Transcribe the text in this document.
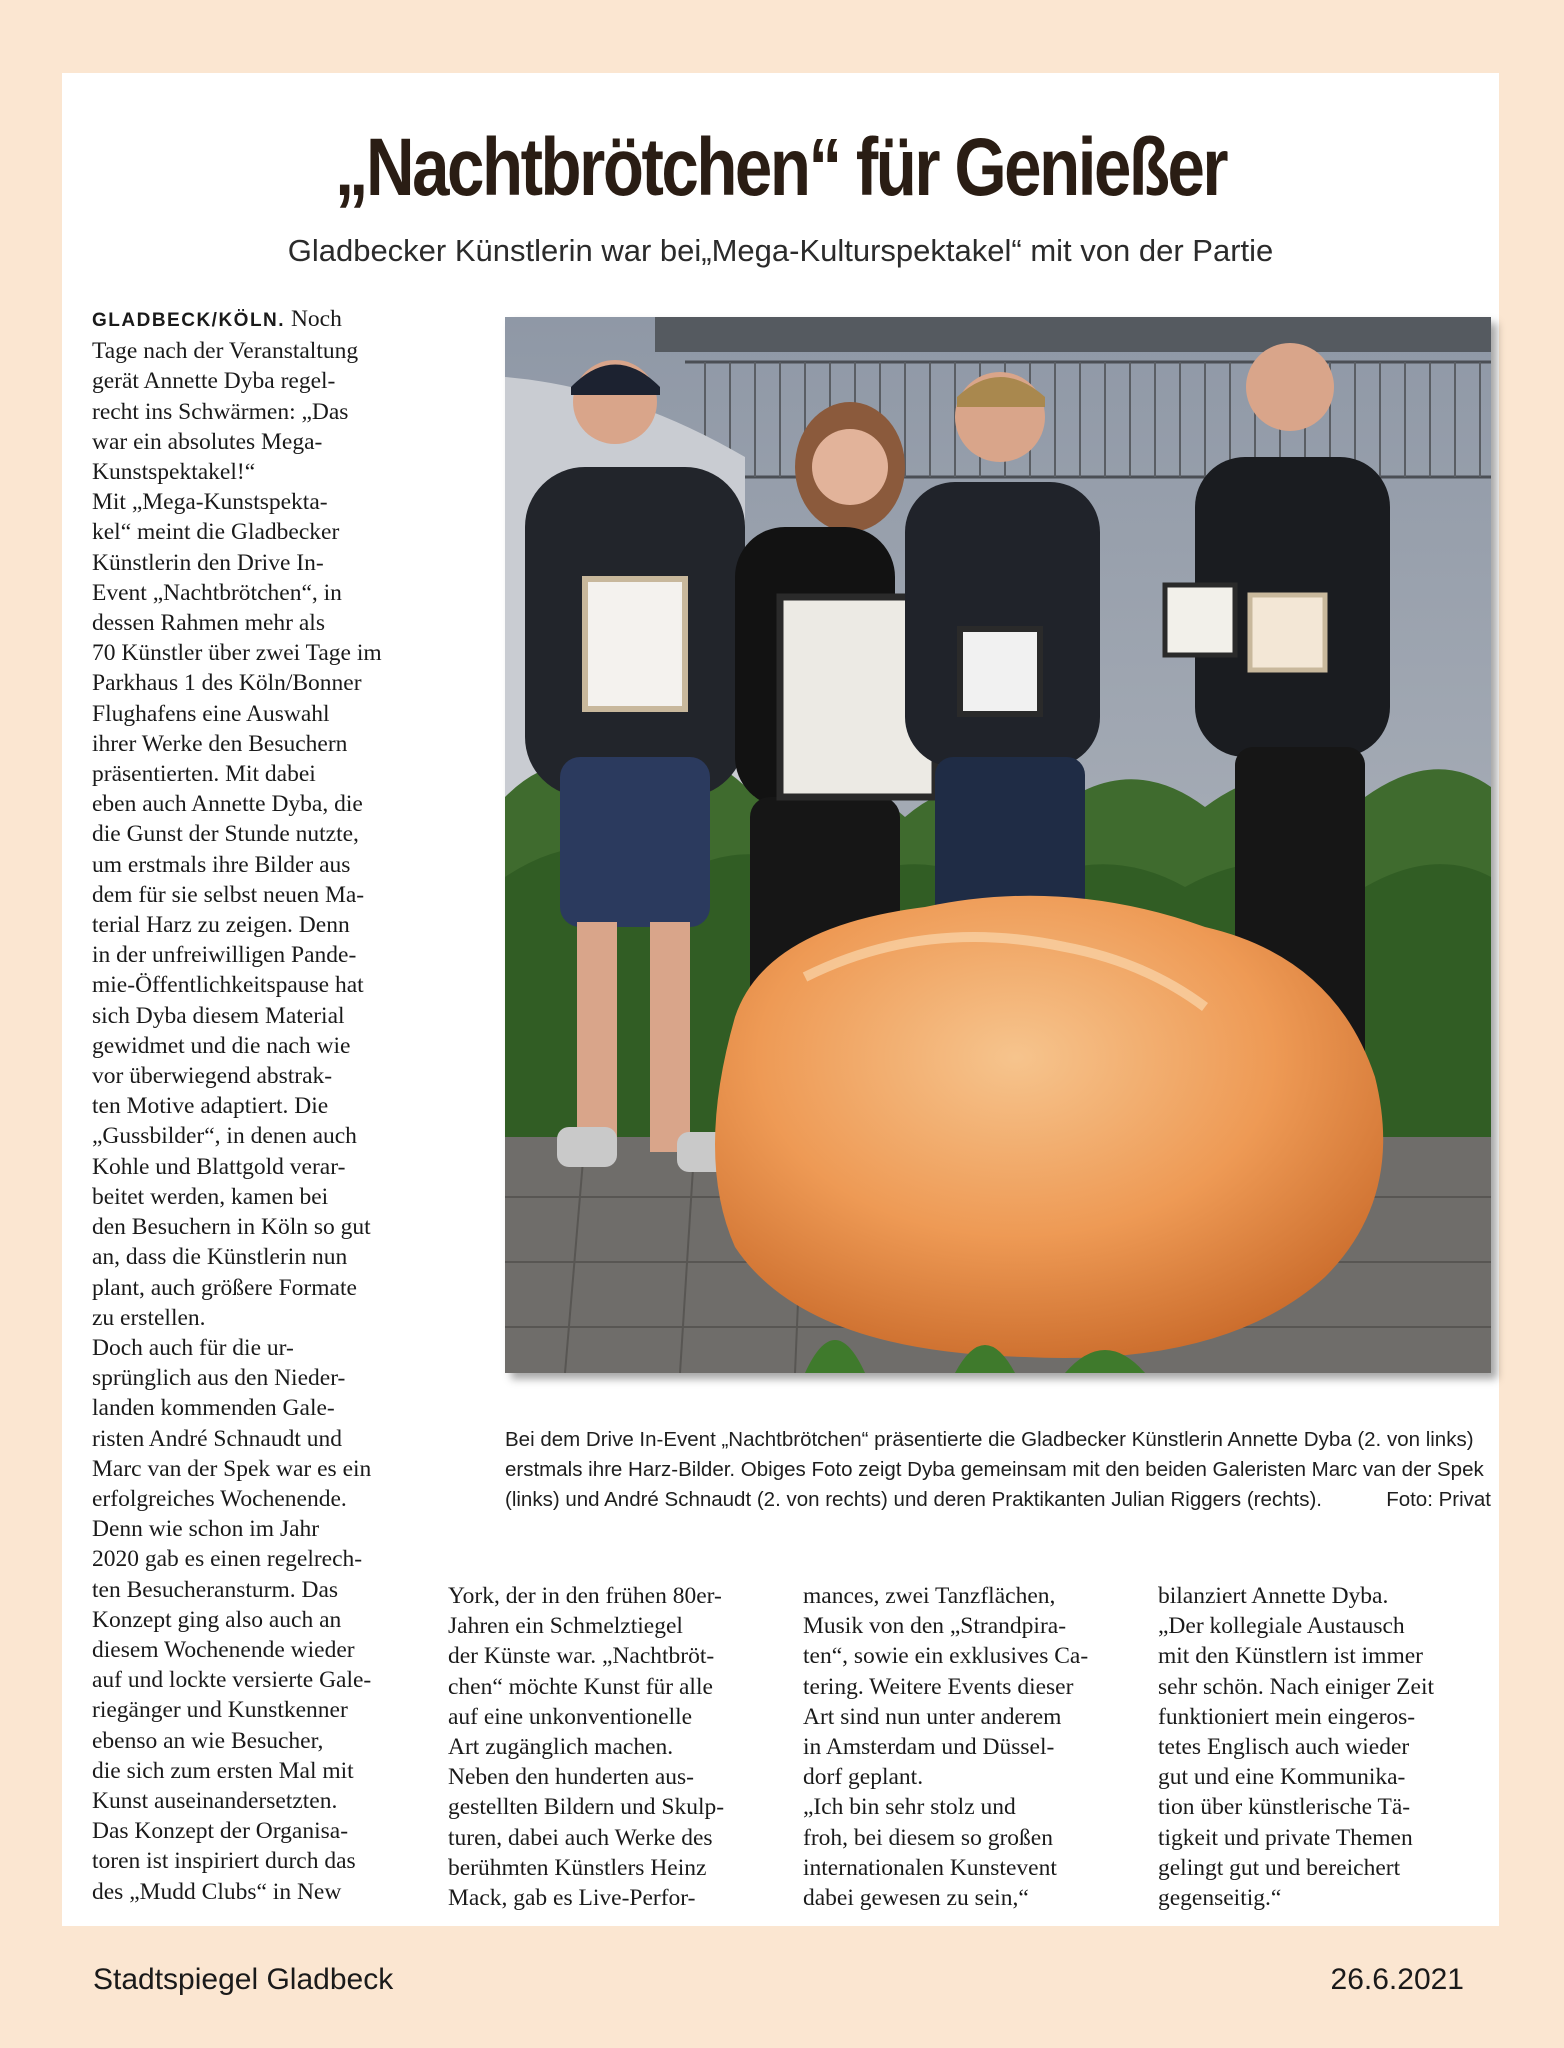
„Nachtbrötchen“ für Genießer
Gladbecker Künstlerin war bei„Mega-Kulturspektakel“ mit von der Partie
GLADBECK/KÖLN. Noch
Tage nach der Veranstaltung
gerät Annette Dyba regel-
recht ins Schwärmen: „Das
war ein absolutes Mega-
Kunstspektakel!“
Mit „Mega-Kunstspekta-
kel“ meint die Gladbecker
Künstlerin den Drive In-
Event „Nachtbrötchen“, in
dessen Rahmen mehr als
70 Künstler über zwei Tage im
Parkhaus 1 des Köln/Bonner
Flughafens eine Auswahl
ihrer Werke den Besuchern
präsentierten. Mit dabei
eben auch Annette Dyba, die
die Gunst der Stunde nutzte,
um erstmals ihre Bilder aus
dem für sie selbst neuen Ma-
terial Harz zu zeigen. Denn
in der unfreiwilligen Pande-
mie-Öffentlichkeitspause hat
sich Dyba diesem Material
gewidmet und die nach wie
vor überwiegend abstrak-
ten Motive adaptiert. Die
„Gussbilder“, in denen auch
Kohle und Blattgold verar-
beitet werden, kamen bei
den Besuchern in Köln so gut
an, dass die Künstlerin nun
plant, auch größere Formate
zu erstellen.
Doch auch für die ur-
sprünglich aus den Nieder-
landen kommenden Gale-
risten André Schnaudt und
Marc van der Spek war es ein
erfolgreiches Wochenende.
Denn wie schon im Jahr
2020 gab es einen regelrech-
ten Besucheransturm. Das
Konzept ging also auch an
diesem Wochenende wieder
auf und lockte versierte Gale-
riegänger und Kunstkenner
ebenso an wie Besucher,
die sich zum ersten Mal mit
Kunst auseinandersetzten.
Das Konzept der Organisa-
toren ist inspiriert durch das
des „Mudd Clubs“ in New
Bei dem Drive In-Event „Nachtbrötchen“ präsentierte die Gladbecker Künstlerin Annette Dyba (2. von links) erstmals ihre Harz-Bilder. Obiges Foto zeigt Dyba gemeinsam mit den beiden Galeristen Marc van der Spek (links) und André Schnaudt (2. von rechts) und deren Praktikanten Julian Riggers (rechts).	Foto: Privat
York, der in den frühen 80er-
Jahren ein Schmelztiegel
der Künste war. „Nachtbröt-
chen“ möchte Kunst für alle
auf eine unkonventionelle
Art zugänglich machen.
Neben den hunderten aus-
gestellten Bildern und Skulp-
turen, dabei auch Werke des
berühmten Künstlers Heinz
Mack, gab es Live-Perfor-
mances, zwei Tanzflächen,
Musik von den „Strandpira-
ten“, sowie ein exklusives Ca-
tering. Weitere Events dieser
Art sind nun unter anderem
in Amsterdam und Düssel-
dorf geplant.
„Ich bin sehr stolz und
froh, bei diesem so großen
internationalen Kunstevent
dabei gewesen zu sein,“
bilanziert Annette Dyba.
„Der kollegiale Austausch
mit den Künstlern ist immer
sehr schön. Nach einiger Zeit
funktioniert mein eingeros-
tetes Englisch auch wieder
gut und eine Kommunika-
tion über künstlerische Tä-
tigkeit und private Themen
gelingt gut und bereichert
gegenseitig.“
Stadtspiegel Gladbeck	26.6.2021
